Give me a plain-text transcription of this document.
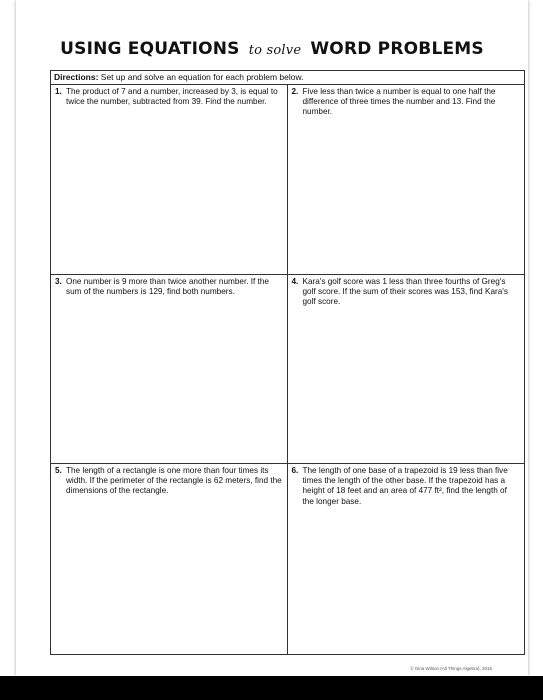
USING EQUATIONS to solve WORD PROBLEMS
Directions: Set up and solve an equation for each problem below.
1. The product of 7 and a number, increased by 3, is equal to twice the number, subtracted from 39. Find the number.
2. Five less than twice a number is equal to one half the difference of three times the number and 13. Find the number.
3. One number is 9 more than twice another number. If the sum of the numbers is 129, find both numbers.
4. Kara's golf score was 1 less than three fourths of Greg's golf score. If the sum of their scores was 153, find Kara's golf score.
5. The length of a rectangle is one more than four times its width. If the perimeter of the rectangle is 62 meters, find the dimensions of the rectangle.
6. The length of one base of a trapezoid is 19 less than five times the length of the other base. If the trapezoid has a height of 18 feet and an area of 477 ft², find the length of the longer base.
© Gina Wilson (All Things Algebra), 2015
